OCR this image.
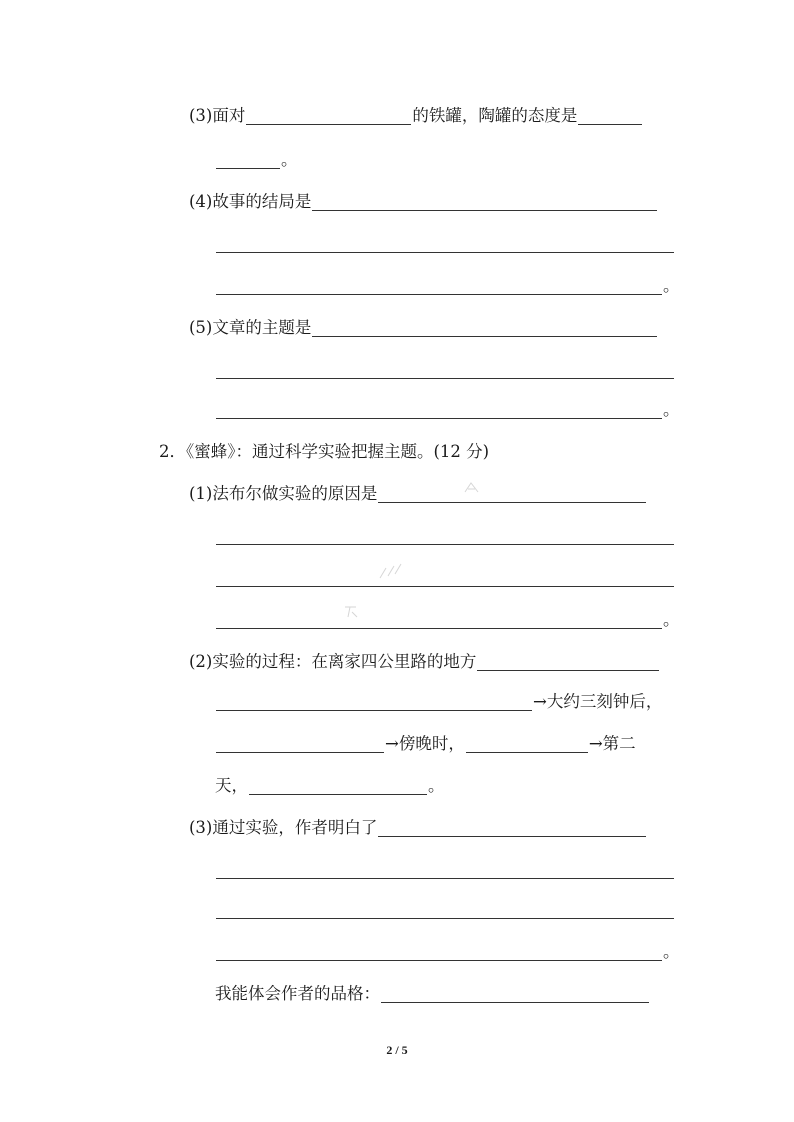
(3)面对	的铁罐，陶罐的态度是
。
(4)故事的结局是
。
(5)文章的主题是
。
2．《蜜蜂》：通过科学实验把握主题。(12 分)
(1)法布尔做实验的原因是
。
(2)实验的过程：在离家四公里路的地方
→大约三刻钟后，
→傍晚时，	→第二
天，	。
(3)通过实验，作者明白了
。
我能体会作者的品格：
2 / 5
